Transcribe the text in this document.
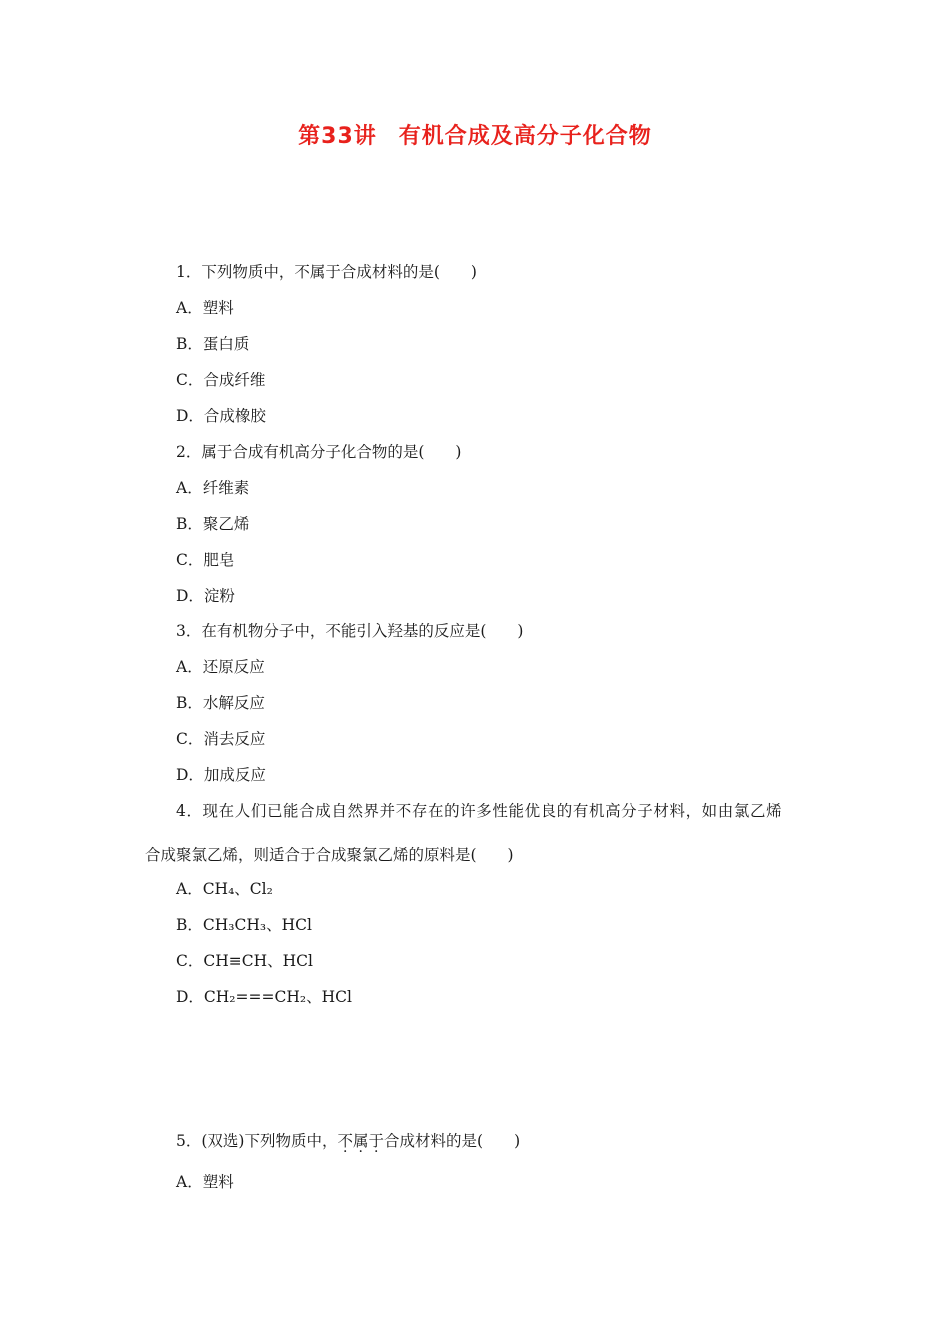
第33讲 有机合成及高分子化合物
1．下列物质中，不属于合成材料的是(　　)
A．塑料
B．蛋白质
C．合成纤维
D．合成橡胶
2．属于合成有机高分子化合物的是(　　)
A．纤维素
B．聚乙烯
C．肥皂
D．淀粉
3．在有机物分子中，不能引入羟基的反应是(　　)
A．还原反应
B．水解反应
C．消去反应
D．加成反应
4．现在人们已能合成自然界并不存在的许多性能优良的有机高分子材料，如由氯乙烯
合成聚氯乙烯，则适合于合成聚氯乙烯的原料是(　　)
A．CH₄、Cl₂
B．CH₃CH₃、HCl
C．CH≡CH、HCl
D．CH₂===CH₂、HCl
5．(双选)下列物质中，不属于合成材料的是(　　)
A．塑料
